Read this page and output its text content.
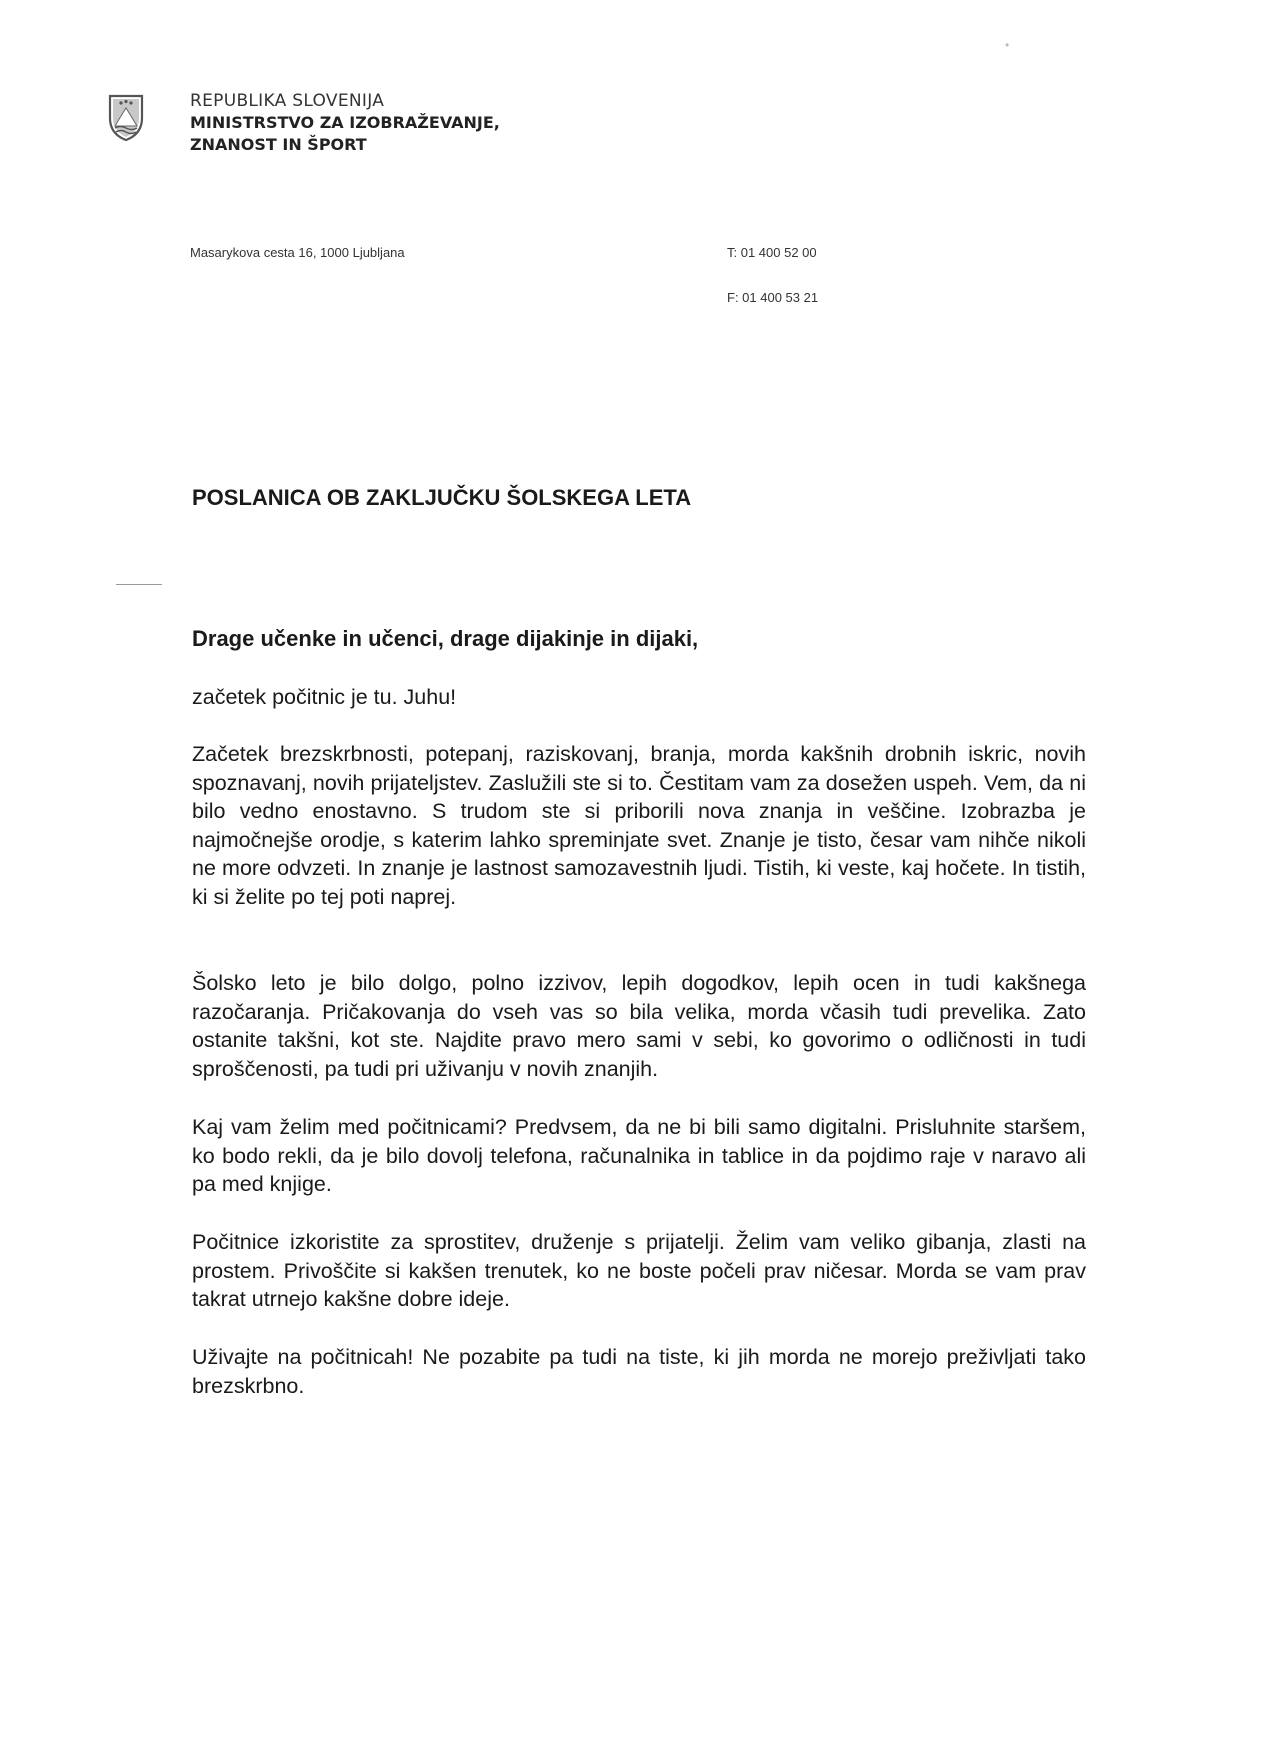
REPUBLIKA SLOVENIJA
MINISTRSTVO ZA IZOBRAŽEVANJE,
ZNANOST IN ŠPORT
•
Masarykova cesta 16, 1000 Ljubljana	T: 01 400 52 00
F: 01 400 53 21
POSLANICA OB ZAKLJUČKU ŠOLSKEGA LETA
Drage učenke in učenci, drage dijakinje in dijaki,
začetek počitnic je tu. Juhu!
Začetek brezskrbnosti, potepanj, raziskovanj, branja, morda kakšnih drobnih iskric, novih spoznavanj, novih prijateljstev. Zaslužili ste si to. Čestitam vam za dosežen uspeh. Vem, da ni bilo vedno enostavno. S trudom ste si priborili nova znanja in veščine. Izobrazba je najmočnejše orodje, s katerim lahko spreminjate svet. Znanje je tisto, česar vam nihče nikoli ne more odvzeti. In znanje je lastnost samozavestnih ljudi. Tistih, ki veste, kaj hočete. In tistih, ki si želite po tej poti naprej.
Šolsko leto je bilo dolgo, polno izzivov, lepih dogodkov, lepih ocen in tudi kakšnega razočaranja. Pričakovanja do vseh vas so bila velika, morda včasih tudi prevelika. Zato ostanite takšni, kot ste. Najdite pravo mero sami v sebi, ko govorimo o odličnosti in tudi sproščenosti, pa tudi pri uživanju v novih znanjih.
Kaj vam želim med počitnicami? Predvsem, da ne bi bili samo digitalni. Prisluhnite staršem, ko bodo rekli, da je bilo dovolj telefona, računalnika in tablice in da pojdimo raje v naravo ali pa med knjige.
Počitnice izkoristite za sprostitev, druženje s prijatelji. Želim vam veliko gibanja, zlasti na prostem. Privoščite si kakšen trenutek, ko ne boste počeli prav ničesar. Morda se vam prav takrat utrnejo kakšne dobre ideje.
Uživajte na počitnicah! Ne pozabite pa tudi na tiste, ki jih morda ne morejo preživljati tako brezskrbno.
